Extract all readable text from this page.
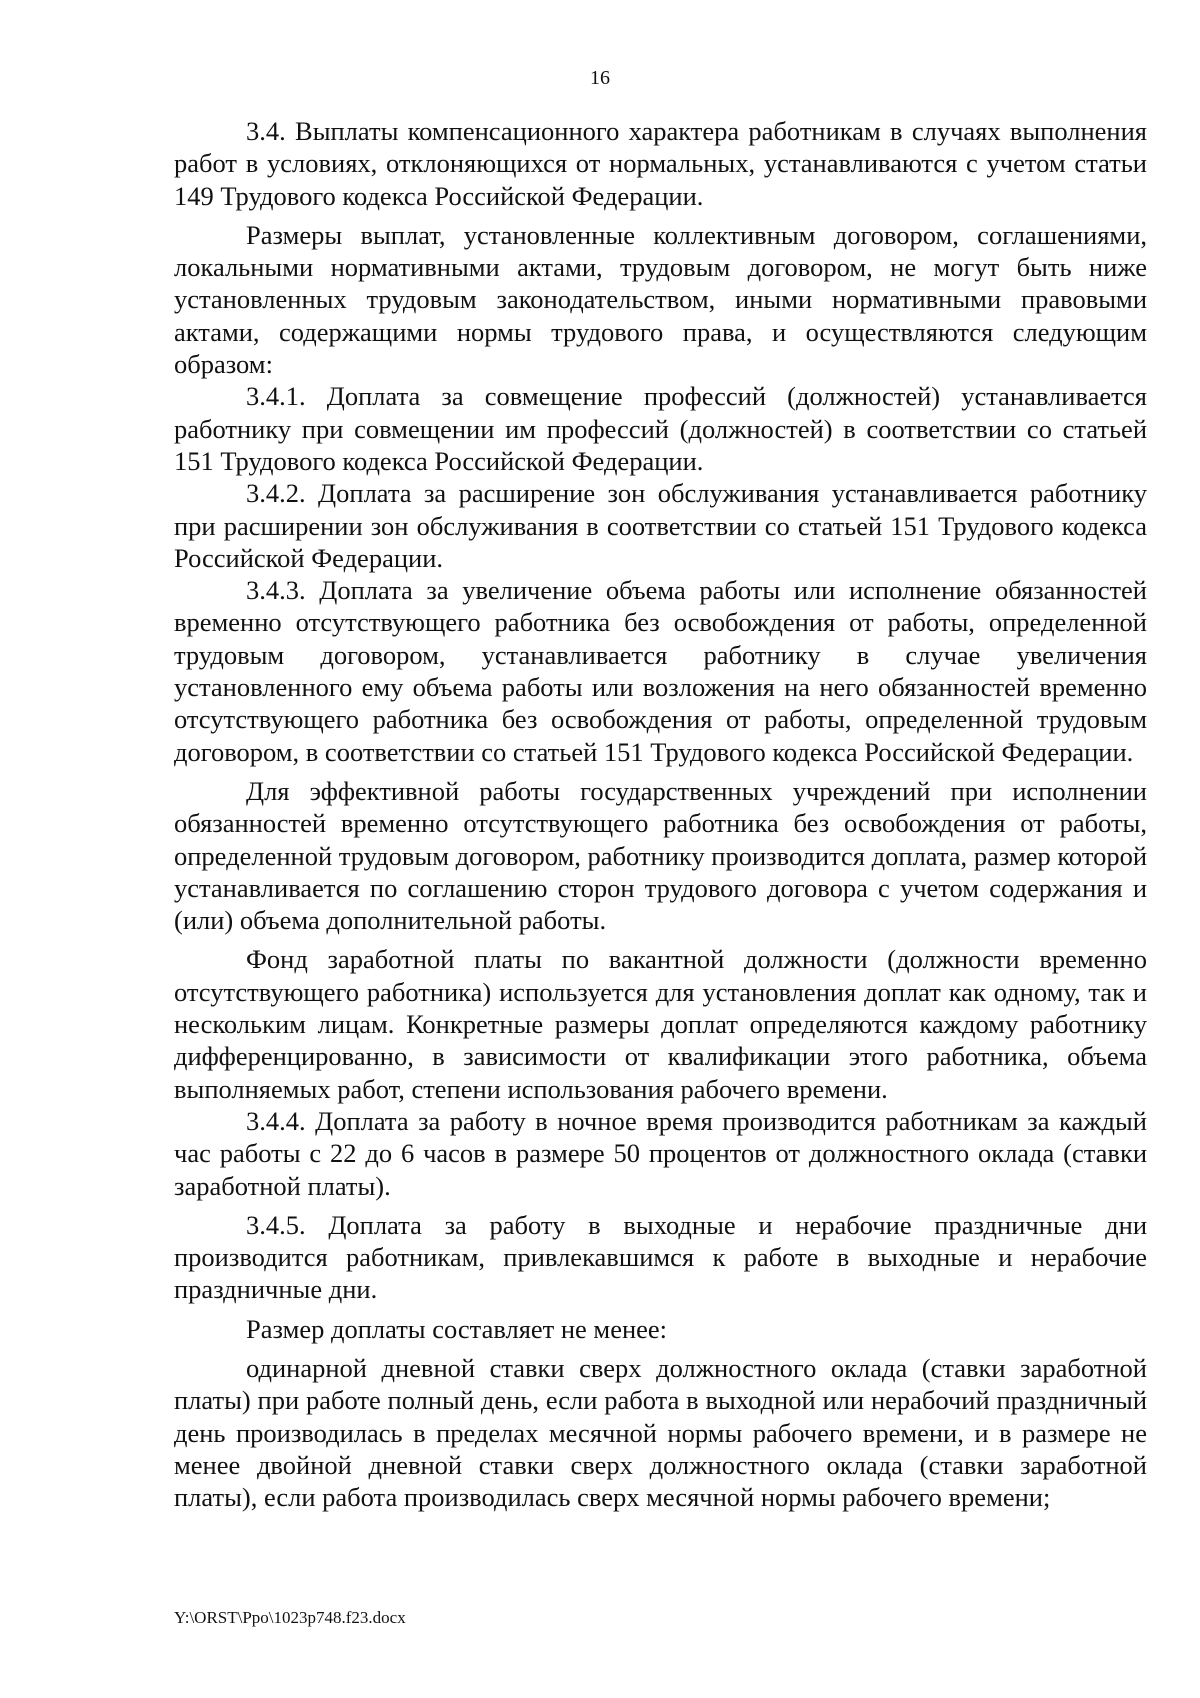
16

3.4. Выплаты компенсационного характера работникам в случаях выполнения работ в условиях, отклоняющихся от нормальных, устанавливаются с учетом статьи 149 Трудового кодекса Российской Федерации.

Размеры выплат, установленные коллективным договором, соглашениями, локальными нормативными актами, трудовым договором, не могут быть ниже установленных трудовым законодательством, иными нормативными правовыми актами, содержащими нормы трудового права, и осуществляются следующим образом:

3.4.1. Доплата за совмещение профессий (должностей) устанавливается работнику при совмещении им профессий (должностей) в соответствии со статьей 151 Трудового кодекса Российской Федерации.

3.4.2. Доплата за расширение зон обслуживания устанавливается работнику при расширении зон обслуживания в соответствии со статьей 151 Трудового кодекса Российской Федерации.

3.4.3. Доплата за увеличение объема работы или исполнение обязанностей временно отсутствующего работника без освобождения от работы, определенной трудовым договором, устанавливается работнику в случае увеличения установленного ему объема работы или возложения на него обязанностей временно отсутствующего работника без освобождения от работы, определенной трудовым договором, в соответствии со статьей 151 Трудового кодекса Российской Федерации.

Для эффективной работы государственных учреждений при исполнении обязанностей временно отсутствующего работника без освобождения от работы, определенной трудовым договором, работнику производится доплата, размер которой устанавливается по соглашению сторон трудового договора с учетом содержания и (или) объема дополнительной работы.

Фонд заработной платы по вакантной должности (должности временно отсутствующего работника) используется для установления доплат как одному, так и нескольким лицам. Конкретные размеры доплат определяются каждому работнику дифференцированно, в зависимости от квалификации этого работника, объема выполняемых работ, степени использования рабочего времени.

3.4.4. Доплата за работу в ночное время производится работникам за каждый час работы с 22 до 6 часов в размере 50 процентов от должностного оклада (ставки заработной платы).

3.4.5. Доплата за работу в выходные и нерабочие праздничные дни производится работникам, привлекавшимся к работе в выходные и нерабочие праздничные дни.

Размер доплаты составляет не менее:

одинарной дневной ставки сверх должностного оклада (ставки заработной платы) при работе полный день, если работа в выходной или нерабочий праздничный день производилась в пределах месячной нормы рабочего времени, и в размере не менее двойной дневной ставки сверх должностного оклада (ставки заработной платы), если работа производилась сверх месячной нормы рабочего времени;

Y:\ORST\Ppo\1023p748.f23.docx
